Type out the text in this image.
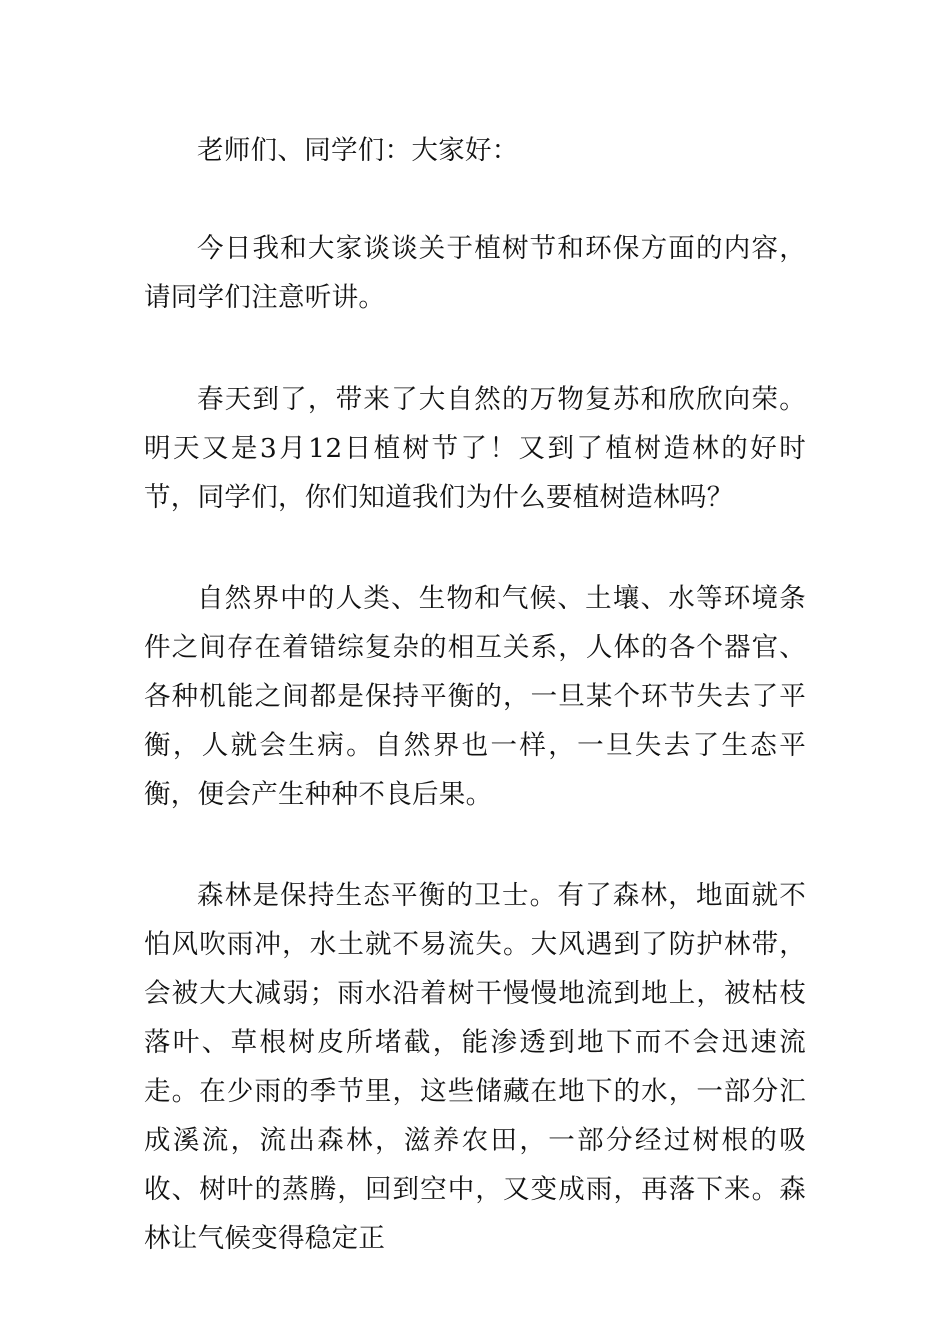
老师们、同学们：大家好：

今日我和大家谈谈关于植树节和环保方面的内容，请同学们注意听讲。

春天到了，带来了大自然的万物复苏和欣欣向荣。明天又是3月12日植树节了！又到了植树造林的好时节，同学们，你们知道我们为什么要植树造林吗？

自然界中的人类、生物和气候、土壤、水等环境条件之间存在着错综复杂的相互关系，人体的各个器官、各种机能之间都是保持平衡的，一旦某个环节失去了平衡，人就会生病。自然界也一样，一旦失去了生态平衡，便会产生种种不良后果。

森林是保持生态平衡的卫士。有了森林，地面就不怕风吹雨冲，水土就不易流失。大风遇到了防护林带，会被大大减弱；雨水沿着树干慢慢地流到地上，被枯枝落叶、草根树皮所堵截，能渗透到地下而不会迅速流走。在少雨的季节里，这些储藏在地下的水，一部分汇成溪流，流出森林，滋养农田，一部分经过树根的吸收、树叶的蒸腾，回到空中，又变成雨，再落下来。森林让气候变得稳定正
